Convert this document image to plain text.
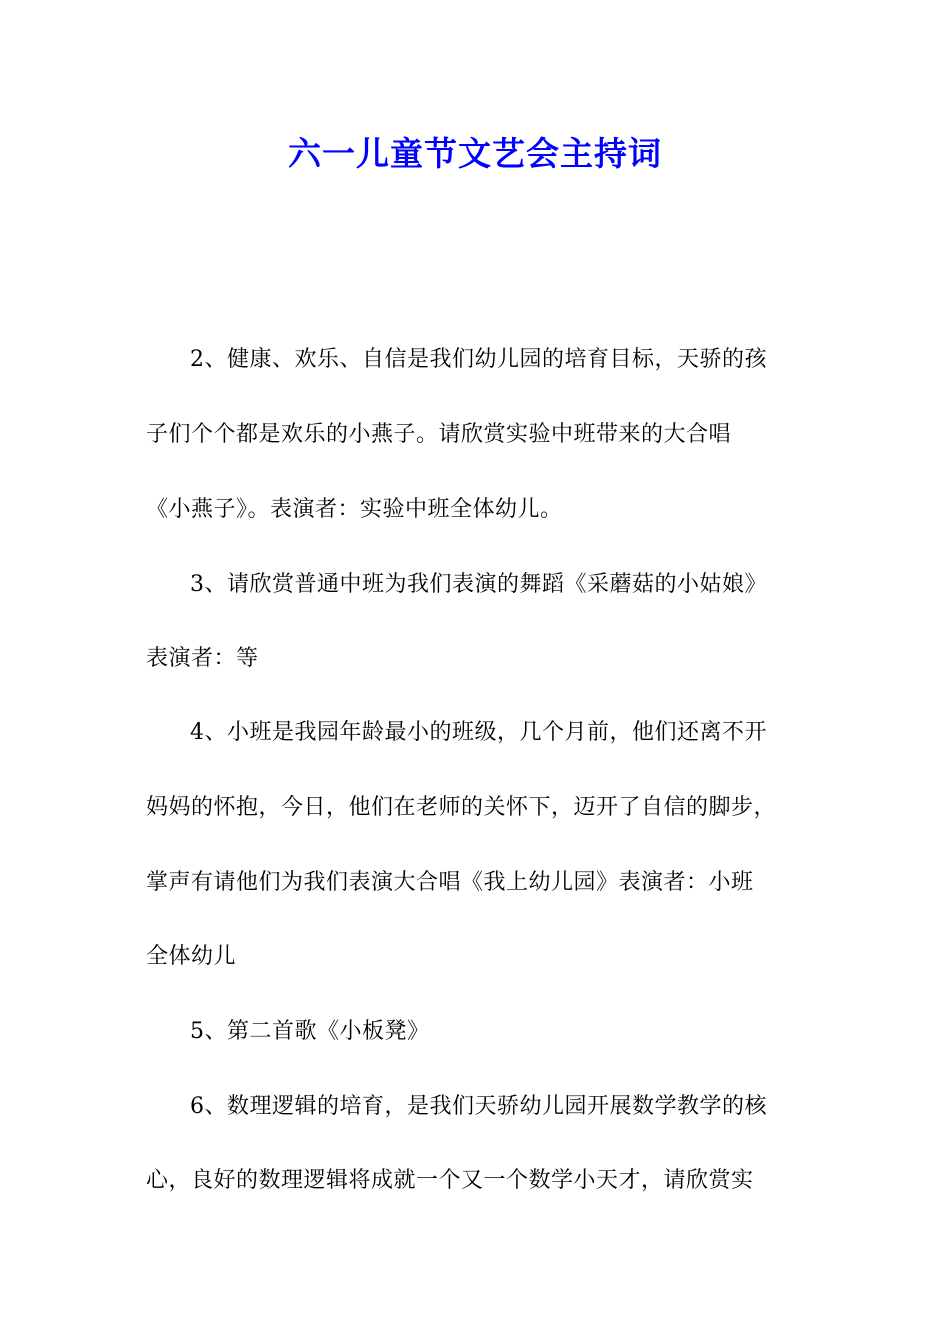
六一儿童节文艺会主持词

2、健康、欢乐、自信是我们幼儿园的培育目标，天骄的孩

子们个个都是欢乐的小燕子。请欣赏实验中班带来的大合唱

《小燕子》。表演者：实验中班全体幼儿。

3、请欣赏普通中班为我们表演的舞蹈《采蘑菇的小姑娘》

表演者：等

4、小班是我园年龄最小的班级，几个月前，他们还离不开

妈妈的怀抱，今日，他们在老师的关怀下，迈开了自信的脚步，

掌声有请他们为我们表演大合唱《我上幼儿园》表演者：小班

全体幼儿

5、第二首歌《小板凳》

6、数理逻辑的培育，是我们天骄幼儿园开展数学教学的核

心，良好的数理逻辑将成就一个又一个数学小天才，请欣赏实
